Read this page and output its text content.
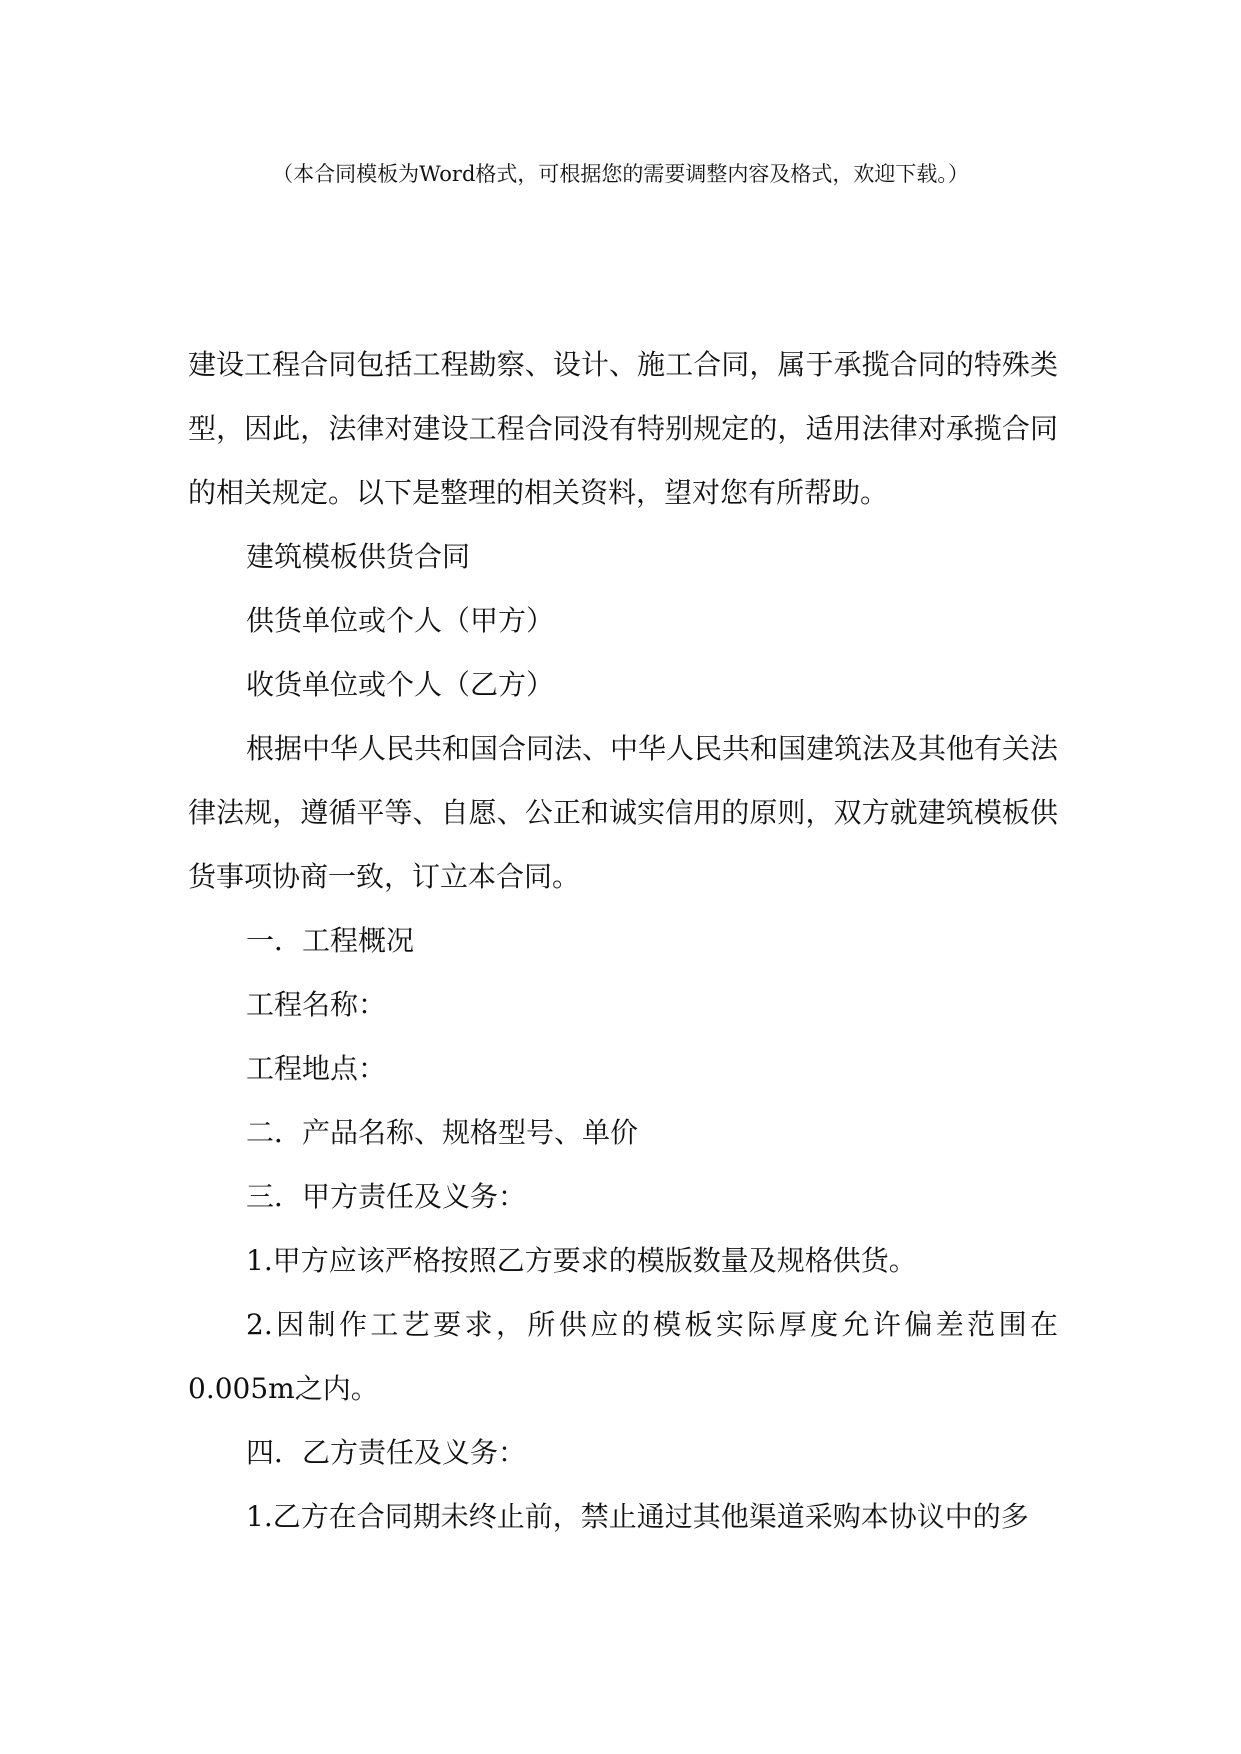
（本合同模板为Word格式，可根据您的需要调整内容及格式，欢迎下载。）

建设工程合同包括工程勘察、设计、施工合同，属于承揽合同的特殊类型，因此，法律对建设工程合同没有特别规定的，适用法律对承揽合同的相关规定。以下是整理的相关资料，望对您有所帮助。

建筑模板供货合同

供货单位或个人（甲方）

收货单位或个人（乙方）

根据中华人民共和国合同法、中华人民共和国建筑法及其他有关法律法规，遵循平等、自愿、公正和诚实信用的原则，双方就建筑模板供货事项协商一致，订立本合同。

一．工程概况

工程名称：

工程地点：

二．产品名称、规格型号、单价

三．甲方责任及义务：

1.甲方应该严格按照乙方要求的模版数量及规格供货。

2.因制作工艺要求，所供应的模板实际厚度允许偏差范围在0.005m之内。

四．乙方责任及义务：

1.乙方在合同期未终止前，禁止通过其他渠道采购本协议中的多
